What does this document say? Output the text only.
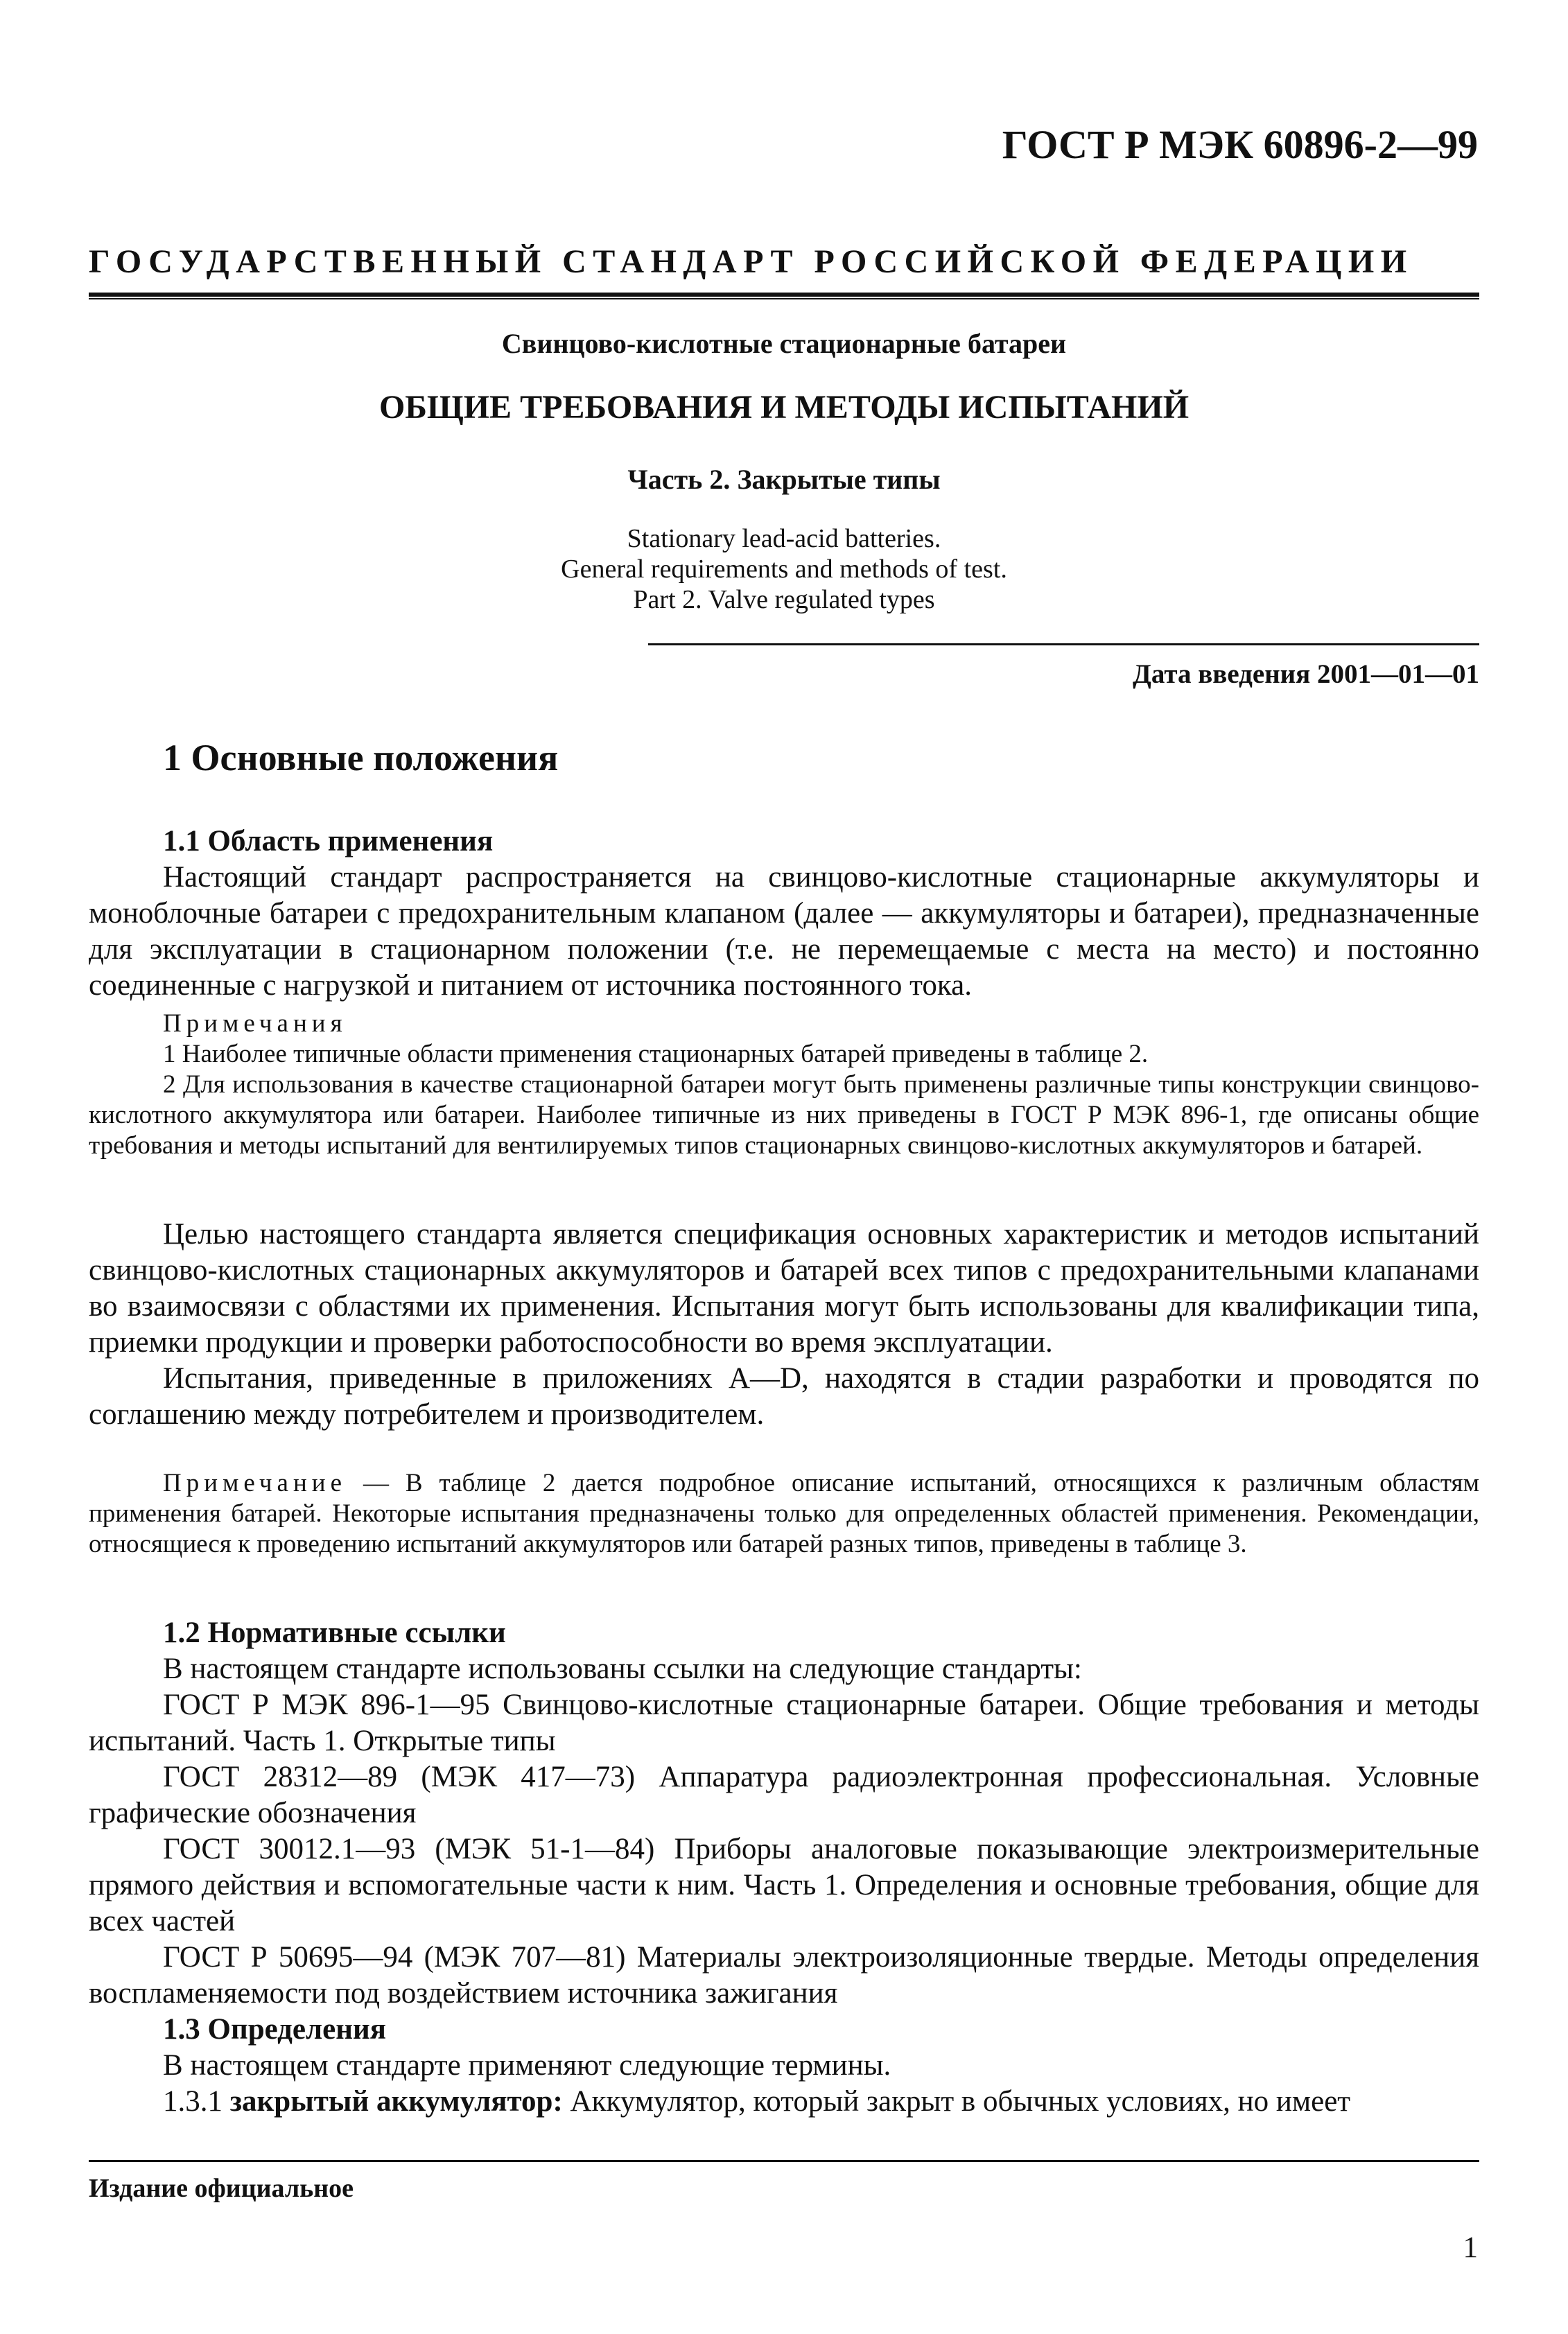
ГОСТ Р МЭК 60896-2—99
ГОСУДАРСТВЕННЫЙ СТАНДАРТ РОССИЙСКОЙ ФЕДЕРАЦИИ
Свинцово-кислотные стационарные батареи
ОБЩИЕ ТРЕБОВАНИЯ И МЕТОДЫ ИСПЫТАНИЙ
Часть 2. Закрытые типы
Stationary lead-acid batteries.
General requirements and methods of test.
Part 2. Valve regulated types
Дата введения 2001—01—01
1 Основные положения

1.1 Область применения

Настоящий стандарт распространяется на свинцово-кислотные стационарные аккумуляторы и моноблочные батареи с предохранительным клапаном (далее — аккумуляторы и батареи), предназначенные для эксплуатации в стационарном положении (т.е. не перемещаемые с места на место) и постоянно соединенные с нагрузкой и питанием от источника постоянного тока.

Примечания

1 Наиболее типичные области применения стационарных батарей приведены в таблице 2.

2 Для использования в качестве стационарной батареи могут быть применены различные типы конструкции свинцово-кислотного аккумулятора или батареи. Наиболее типичные из них приведены в ГОСТ Р МЭК 896-1, где описаны общие требования и методы испытаний для вентилируемых типов стационарных свинцово-кислотных аккумуляторов и батарей.

Целью настоящего стандарта является спецификация основных характеристик и методов испытаний свинцово-кислотных стационарных аккумуляторов и батарей всех типов с предохранительными клапанами во взаимосвязи с областями их применения. Испытания могут быть использованы для квалификации типа, приемки продукции и проверки работоспособности во время эксплуатации.

Испытания, приведенные в приложениях A—D, находятся в стадии разработки и проводятся по соглашению между потребителем и производителем.

Примечание — В таблице 2 дается подробное описание испытаний, относящихся к различным областям применения батарей. Некоторые испытания предназначены только для определенных областей применения. Рекомендации, относящиеся к проведению испытаний аккумуляторов или батарей разных типов, приведены в таблице 3.

1.2 Нормативные ссылки

В настоящем стандарте использованы ссылки на следующие стандарты:

ГОСТ Р МЭК 896-1—95 Свинцово-кислотные стационарные батареи. Общие требования и методы испытаний. Часть 1. Открытые типы

ГОСТ 28312—89 (МЭК 417—73) Аппаратура радиоэлектронная профессиональная. Условные графические обозначения

ГОСТ 30012.1—93 (МЭК 51-1—84) Приборы аналоговые показывающие электроизмерительные прямого действия и вспомогательные части к ним. Часть 1. Определения и основные требования, общие для всех частей

ГОСТ Р 50695—94 (МЭК 707—81) Материалы электроизоляционные твердые. Методы определения воспламеняемости под воздействием источника зажигания

1.3 Определения

В настоящем стандарте применяют следующие термины.

1.3.1 закрытый аккумулятор: Аккумулятор, который закрыт в обычных условиях, но имеет

Издание официальное
1
